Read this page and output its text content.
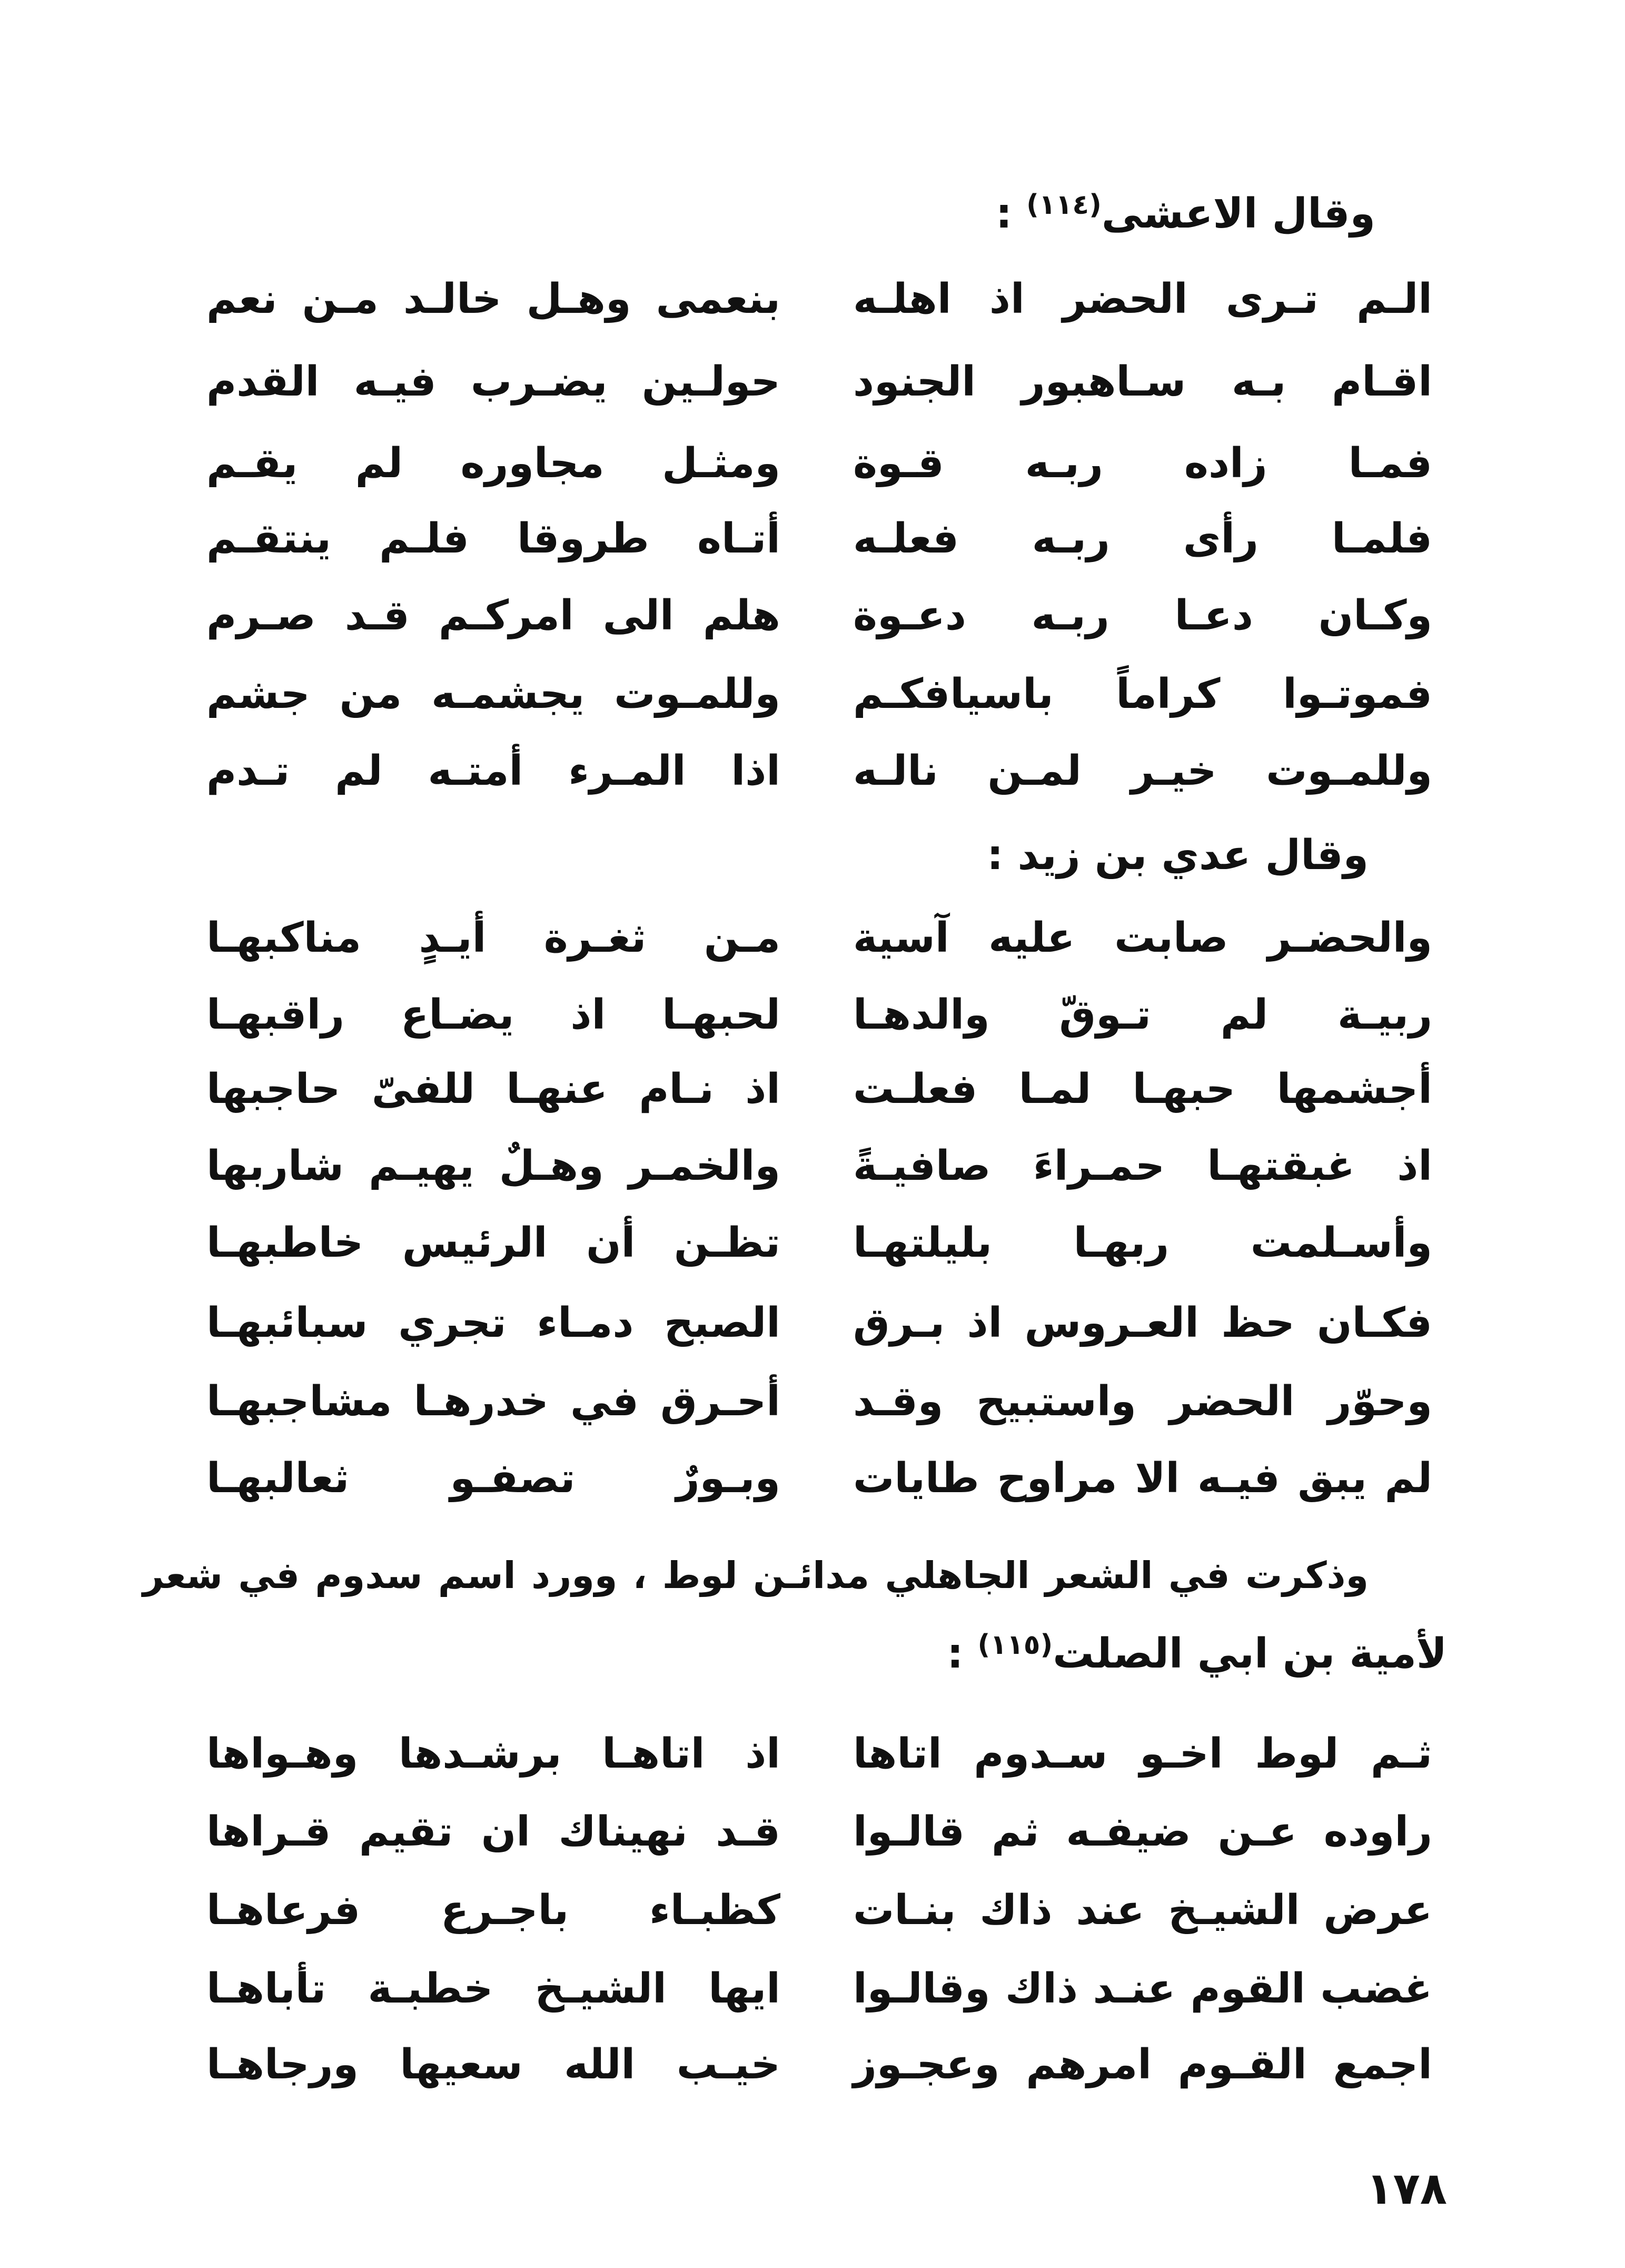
وقال الاعشى$^{(١١٤)}$ :
الـم تـرى الحضر اذ اهلـه
بنعمى وهـل خالـد مـن نعم
اقـام بـه سـاهبور الجنود
حولـين يضـرب فيـه القدم
فمـا زاده ربـه قـوة
ومثـل مجاوره لم يقـم
فلمـا رأى ربـه فعلـه
أتـاه طروقا فلـم ينتقـم
وكـان دعـا ربـه دعـوة
هلم الى امركـم قـد صـرم
فموتـوا كراماً باسيافكـم
وللمـوت يجشمـه من جشم
وللمـوت خيـر لمـن نالـه
اذا المـرء أمتـه لم تـدم
وقال عدي بن زيد :
والحضـر صابت عليه آسية
مـن ثغـرة أيـدٍ مناكبهـا
ربيـة لم تـوقّ والدهـا
لحبهـا اذ يضـاع راقبهـا
أجشمها حبهـا لمـا فعلـت
اذ نـام عنهـا للفىّ حاجبها
اذ غبقتهـا حمـراءَ صافيـةً
والخمـر وهـلٌ يهيـم شاربها
وأسـلمت ربهـا بليلتهـا
تظـن أن الرئيس خاطبهـا
فكـان حظ العـروس اذ بـرق
الصبح دمـاء تجري سبائبهـا
وحوّر الحضر واستبيح وقـد
أحـرق في خدرهـا مشاجبهـا
لم يبق فيـه الا مراوح طايات
وبـورٌ تصفـو ثعالبهـا
وذكرت في الشعر الجاهلي مدائـن لوط ، وورد اسم سدوم في شعر
لأمية بن ابي الصلت$^{(١١٥)}$ :
ثـم لوط اخـو سـدوم اتاها
اذ اتاهـا برشـدها وهـواها
راوده عـن ضيفـه ثم قالـوا
قـد نهيناك ان تقيم قـراها
عرض الشيـخ عند ذاك بنـات
كظبـاء باجـرع فرعاهـا
غضب القوم عنـد ذاك وقالـوا
ايها الشيـخ خطبـة تأباهـا
اجمع القـوم امرهم وعجـوز
خيـب الله سعيها ورجاهـا
١٧٨
